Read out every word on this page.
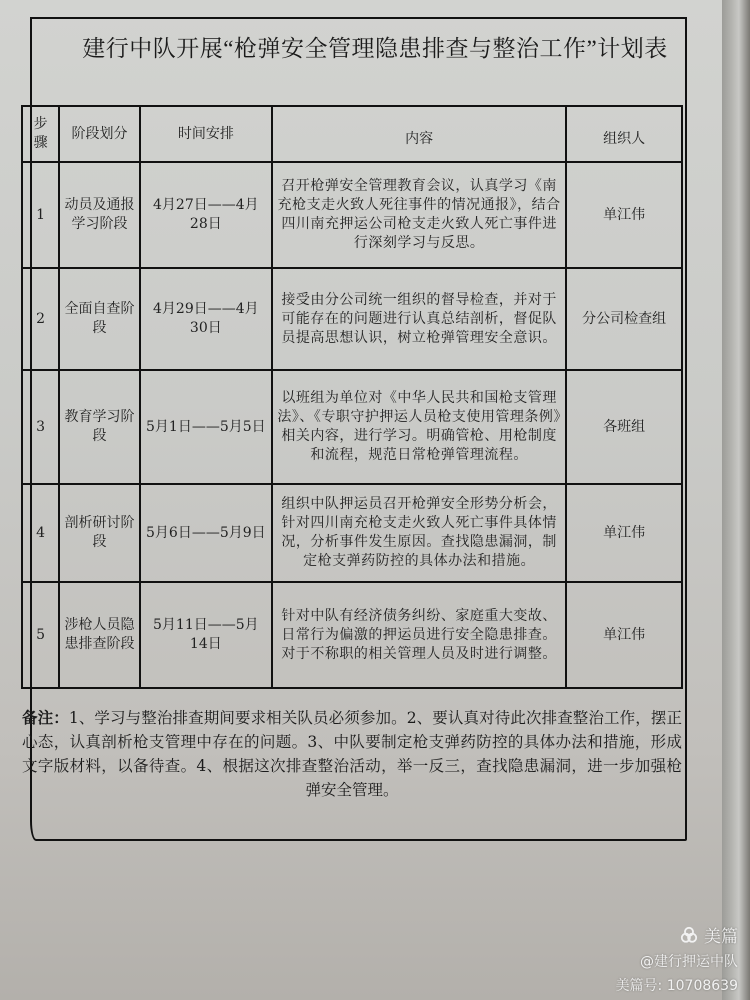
建行中队开展“枪弹安全管理隐患排查与整治工作”计划表
步骤	阶段划分	时间安排	内容	组织人
1	动员及通报学习阶段	4月27日——4月28日	召开枪弹安全管理教育会议，认真学习《南充枪支走火致人死往事件的情况通报》，结合四川南充押运公司枪支走火致人死亡事件进行深刻学习与反思。	单江伟
2	全面自查阶段	4月29日——4月30日	接受由分公司统一组织的督导检查，并对于可能存在的问题进行认真总结剖析，督促队员提高思想认识，树立枪弹管理安全意识。	分公司检查组
3	教育学习阶段	5月1日——5月5日	以班组为单位对《中华人民共和国枪支管理法》、《专职守护押运人员枪支使用管理条例》相关内容，进行学习。明确管枪、用枪制度和流程，规范日常枪弹管理流程。	各班组
4	剖析研讨阶段	5月6日——5月9日	组织中队押运员召开枪弹安全形势分析会，针对四川南充枪支走火致人死亡事件具体情况，分析事件发生原因。查找隐患漏洞，制定枪支弹药防控的具体办法和措施。	单江伟
5	涉枪人员隐患排查阶段	5月11日——5月14日	针对中队有经济债务纠纷、家庭重大变故、日常行为偏激的押运员进行安全隐患排查。对于不称职的相关管理人员及时进行调整。	单江伟
备注：1、学习与整治排查期间要求相关队员必须参加。2、要认真对待此次排查整治工作，摆正心态，认真剖析枪支管理中存在的问题。3、中队要制定枪支弹药防控的具体办法和措施，形成文字版材料，以备待查。4、根据这次排查整治活动，举一反三，查找隐患漏洞，进一步加强枪弹安全管理。
美篇
@建行押运中队
美篇号: 10708639
